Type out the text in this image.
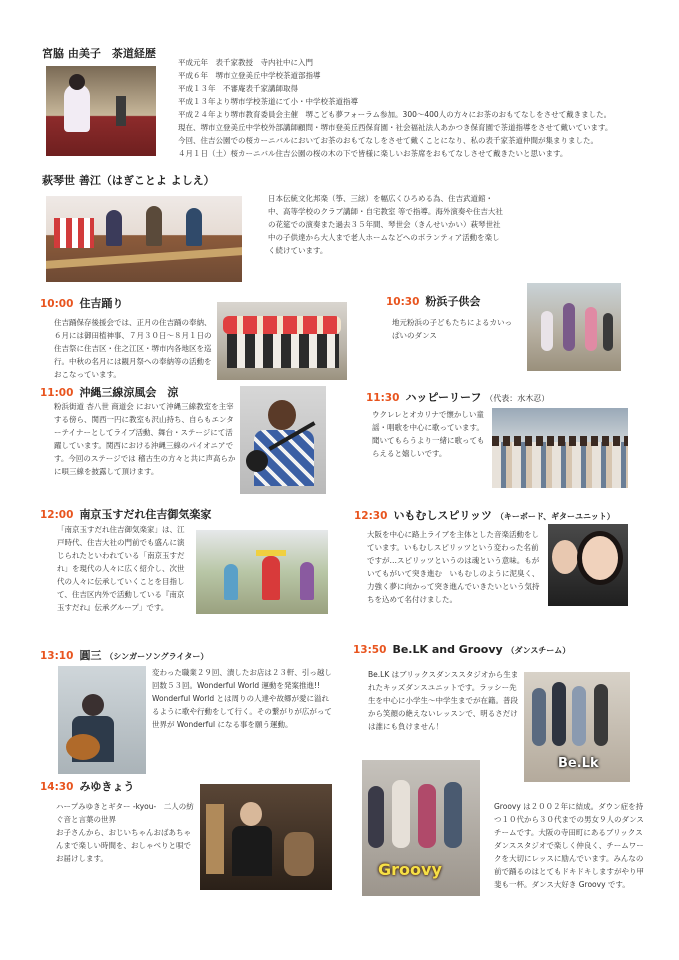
宮脇 由美子　茶道経歴
平成元年　表千家教授　寺内社中に入門
平成６年　堺市立登美丘中学校茶道部指導
平成１３年　不審庵表千家講師取得
平成１３年より堺市学校茶道にて小・中学校茶道指導
平成２４年より堺市教育委員会主催　堺こども夢フォーラム参加。300～400人の方々にお茶のおもてなしをさせて戴きました。
現在、堺市立登美丘中学校外部講師顧問・堺市登美丘西保育園・社会福祉法人あかつき保育園で茶道指導をさせて戴いています。
今回、住吉公園での桜カーニバルにおいてお茶のおもてなしをさせて戴くことになり、私の表千家茶道仲間が集まりました。
４月１日（土）桜カーニバル住吉公園の桜の木の下で皆様に楽しいお茶席をおもてなしさせて戴きたいと思います。
萩琴世 善江（はぎことよ よしえ）
日本伝統文化邦楽（筝、三絃）を幅広くひろめる為、住吉武道館・中、高等学校のクラブ講師・自宅教室 等で指導。海外演奏や住吉大社の花筵での演奏また過去３５年間、琴世会（きんせいかい）萩琴世社中の子供達から大人まで老人ホームなどへのボランティア活動を楽しく続けています。
10:00 住吉踊り
住吉踊保存後援会では、正月の住吉踊の奉納、６月には御田植神事、７月３０日～８月１日の住吉祭に住吉区・住之江区・堺市内各地区を巡行。中秋の名月には観月祭への奉納等の活動をおこなっています。
10:30 粉浜子供会
地元粉浜の子どもたちによるカいっぱいのダンス
11:00 沖縄三線涼風会　涼
粉浜街道 杏八世 商道会 において沖縄三線教室を主宰する傍ら、関西一円に教室も沢山持ち、自らもエンターテイナーとしてライブ活動、舞台・ステージにて活躍しています。関西における沖縄三線のパイオニアです。今回のステージでは 稽古生の方々と共に声高らかに唄三線を披露して頂けます。
11:30 ハッピーリーフ （代表：水木忍）
ウクレレとオカリナで懐かしい童謡・唱歌を中心に歌っています。聞いてもらうより一緒に歌ってもらえると嬉しいです。
12:00 南京玉すだれ住吉御気楽家
「南京玉すだれ住吉御気楽家」は、江戸時代、住吉大社の門前でも盛んに演じられたといわれている「南京玉すだれ」を現代の人々に広く紹介し、次世代の人々に伝承していくことを目指して、住吉区内外で活動している『南京玉すだれ』伝承グループ」です。
12:30 いもむしスピリッツ （キーボード、ギターユニット）
大阪を中心に路上ライブを主体とした音楽活動をしています。いもむしスピリッツという変わった名前ですが…スピリッツというのは魂という意味。もがいてもがいて突き進む　いもむしのように泥臭く、力強く夢に向かって突き進んでいきたいという気持ちを込めて名付けました。
13:10 圓三 （シンガーソングライター）
変わった職業２９回、潰したお店は２３軒、引っ越し回数５３回。Wonderful World 運動を発案推進!!　Wonderful World とは周りの人達や故郷が愛に溢れるように歌や行動をして行く。その繋がりが広がって世界が Wonderful になる事を願う運動。
13:50 Be.LK and Groovy （ダンスチーム）
Be.LK はブリックスダンススタジオから生まれたキッズダンスユニットです。ラッシー先生を中心に小学生～中学生までが在籍。普段から笑顔の絶えないレッスンで、明るさだけは誰にも負けません！
Be.Lk
14:30 みゆきょう
ハープみゆきとギター -kyou-　二人の紡ぐ音と言葉の世界
お子さんから、おじいちゃんおばあちゃんまで楽しい時間を、おしゃべりと唄でお届けします。
Groovy
Groovy は２００２年に結成。ダウン症を持つ１０代から３０代までの男女９人のダンスチームです。大阪の寺田町にあるブリックスダンススタジオで楽しく仲良く、チームワークを大切にレッスに励んでいます。みんなの前で踊るのはとてもドキドキしますがやり甲斐も一杯。ダンス大好き Groovy です。
